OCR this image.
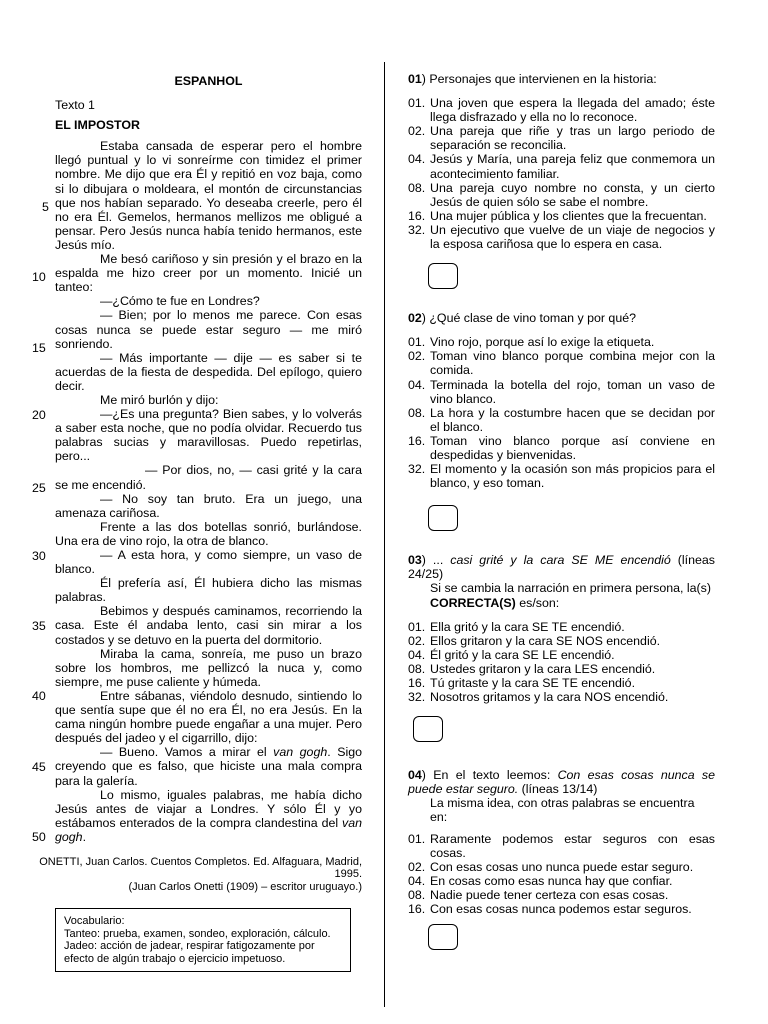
5
10
15
20
25
30
35
40
45
50
ESPANHOL
Texto 1
EL IMPOSTOR

Estaba cansada de esperar pero el hombre llegó puntual y lo vi sonreírme con timidez el primer nombre. Me dijo que era Él y repitió en voz baja, como si lo dibujara o moldeara, el montón de circunstancias que nos habían separado. Yo deseaba creerle, pero él no era Él. Gemelos, hermanos mellizos me obligué a pensar. Pero Jesús nunca había tenido hermanos, este Jesús mío.

Me besó cariñoso y sin presión y el brazo en la espalda me hizo creer por un momento. Inicié un tanteo:

—¿Cómo te fue en Londres?

— Bien; por lo menos me parece. Con esas cosas nunca se puede estar seguro — me miró sonriendo.

— Más importante — dije — es saber si te acuerdas de la fiesta de despedida. Del epílogo, quiero decir.

Me miró burlón y dijo:

—¿Es una pregunta? Bien sabes, y lo volverás a saber esta noche, que no podía olvidar. Recuerdo tus palabras sucias y maravillosas. Puedo repetirlas, pero...

— Por dios, no, — casi grité y la cara se me encendió.

— No soy tan bruto. Era un juego, una amenaza cariñosa.

Frente a las dos botellas sonrió, burlándose. Una era de vino rojo, la otra de blanco.

— A esta hora, y como siempre, un vaso de blanco.

Él prefería así, Él hubiera dicho las mismas palabras.

Bebimos y después caminamos, recorriendo la casa. Este él andaba lento, casi sin mirar a los costados y se detuvo en la puerta del dormitorio.

Miraba la cama, sonreía, me puso un brazo sobre los hombros, me pellizcó la nuca y, como siempre, me puse caliente y húmeda.

Entre sábanas, viéndolo desnudo, sintiendo lo que sentía supe que él no era Él, no era Jesús. En la cama ningún hombre puede engañar a una mujer. Pero después del jadeo y el cigarrillo, dijo:

— Bueno. Vamos a mirar el van gogh. Sigo creyendo que es falso, que hiciste una mala compra para la galería.

Lo mismo, iguales palabras, me había dicho Jesús antes de viajar a Londres. Y sólo Él y yo estábamos enterados de la compra clandestina del van gogh.

ONETTI, Juan Carlos. Cuentos Completos. Ed. Alfaguara, Madrid, 1995.
(Juan Carlos Onetti (1909) – escritor uruguayo.)
Vocabulario:
Tanteo: prueba, examen, sondeo, exploración, cálculo.
Jadeo: acción de jadear, respirar fatigozamente por efecto de algún trabajo o ejercicio impetuoso.
01) Personajes que intervienen en la historia:
01. Una joven que espera la llegada del amado; éste llega disfrazado y ella no lo reconoce.
02. Una pareja que riñe y tras un largo periodo de separación se reconcilia.
04. Jesús y María, una pareja feliz que conmemora un acontecimiento familiar.
08. Una pareja cuyo nombre no consta, y un cierto Jesús de quien sólo se sabe el nombre.
16. Una mujer pública y los clientes que la frecuentan.
32. Un ejecutivo que vuelve de un viaje de negocios y la esposa cariñosa que lo espera en casa.
02) ¿Qué clase de vino toman y por qué?
01. Vino rojo, porque así lo exige la etiqueta.
02. Toman vino blanco porque combina mejor con la comida.
04. Terminada la botella del rojo, toman un vaso de vino blanco.
08. La hora y la costumbre hacen que se decidan por el blanco.
16. Toman vino blanco porque así conviene en despedidas y bienvenidas.
32. El momento y la ocasión son más propicios para el blanco, y eso toman.
03) ... casi grité y la cara SE ME encendió (líneas 24/25)
Si se cambia la narración en primera persona, la(s) CORRECTA(S) es/son:
01. Ella gritó y la cara SE TE encendió.
02. Ellos gritaron y la cara SE NOS encendió.
04. Él gritó y la cara SE LE encendió.
08. Ustedes gritaron y la cara LES encendió.
16. Tú gritaste y la cara SE TE encendió.
32. Nosotros gritamos y la cara NOS encendió.
04) En el texto leemos: Con esas cosas nunca se puede estar seguro. (líneas 13/14)
La misma idea, con otras palabras se encuentra en:
01. Raramente podemos estar seguros con esas cosas.
02. Con esas cosas uno nunca puede estar seguro.
04. En cosas como esas nunca hay que confiar.
08. Nadie puede tener certeza con esas cosas.
16. Con esas cosas nunca podemos estar seguros.
